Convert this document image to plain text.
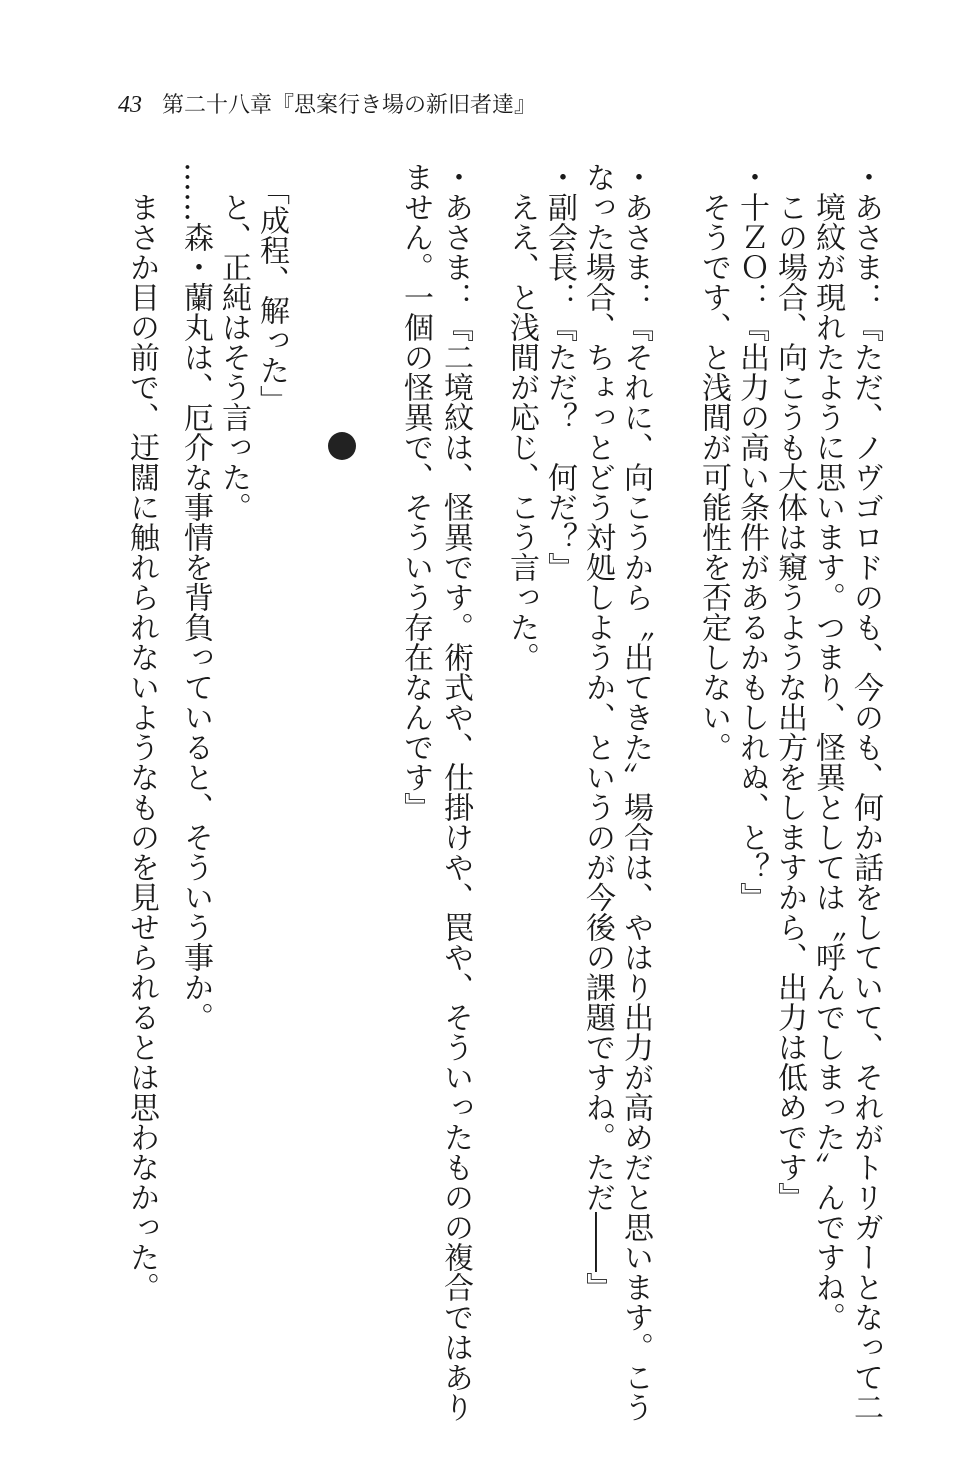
43 第二十八章『思案行き場の新旧者達』
・あさま：『ただ、ノヴゴロドのも、今のも、何か話をしていて、それがトリガーとなって二
境紋が現れたように思います。つまり、怪異としては〝呼んでしまった〟んですね。
この場合、向こうも大体は窺うような出方をしますから、出力は低めです』
・十ＺＯ：『出力の高い条件があるかもしれぬ、と？』
そうです、と浅間が可能性を否定しない。
・あさま：『それに、向こうから〝出てきた〟場合は、やはり出力が高めだと思います。こう
なった場合、ちょっとどう対処しようか、というのが今後の課題ですね。ただ――』
・副会長：『ただ？　何だ？』
ええ、と浅間が応じ、こう言った。
・あさま：『二境紋は、怪異です。術式や、仕掛けや、罠や、そういったものの複合ではあり
ません。一個の怪異で、そういう存在なんです』
「成程、解った」
と、正純はそう言った。
……森・蘭丸は、厄介な事情を背負っていると、そういう事か。
まさか目の前で、迂闊に触れられないようなものを見せられるとは思わなかった。
